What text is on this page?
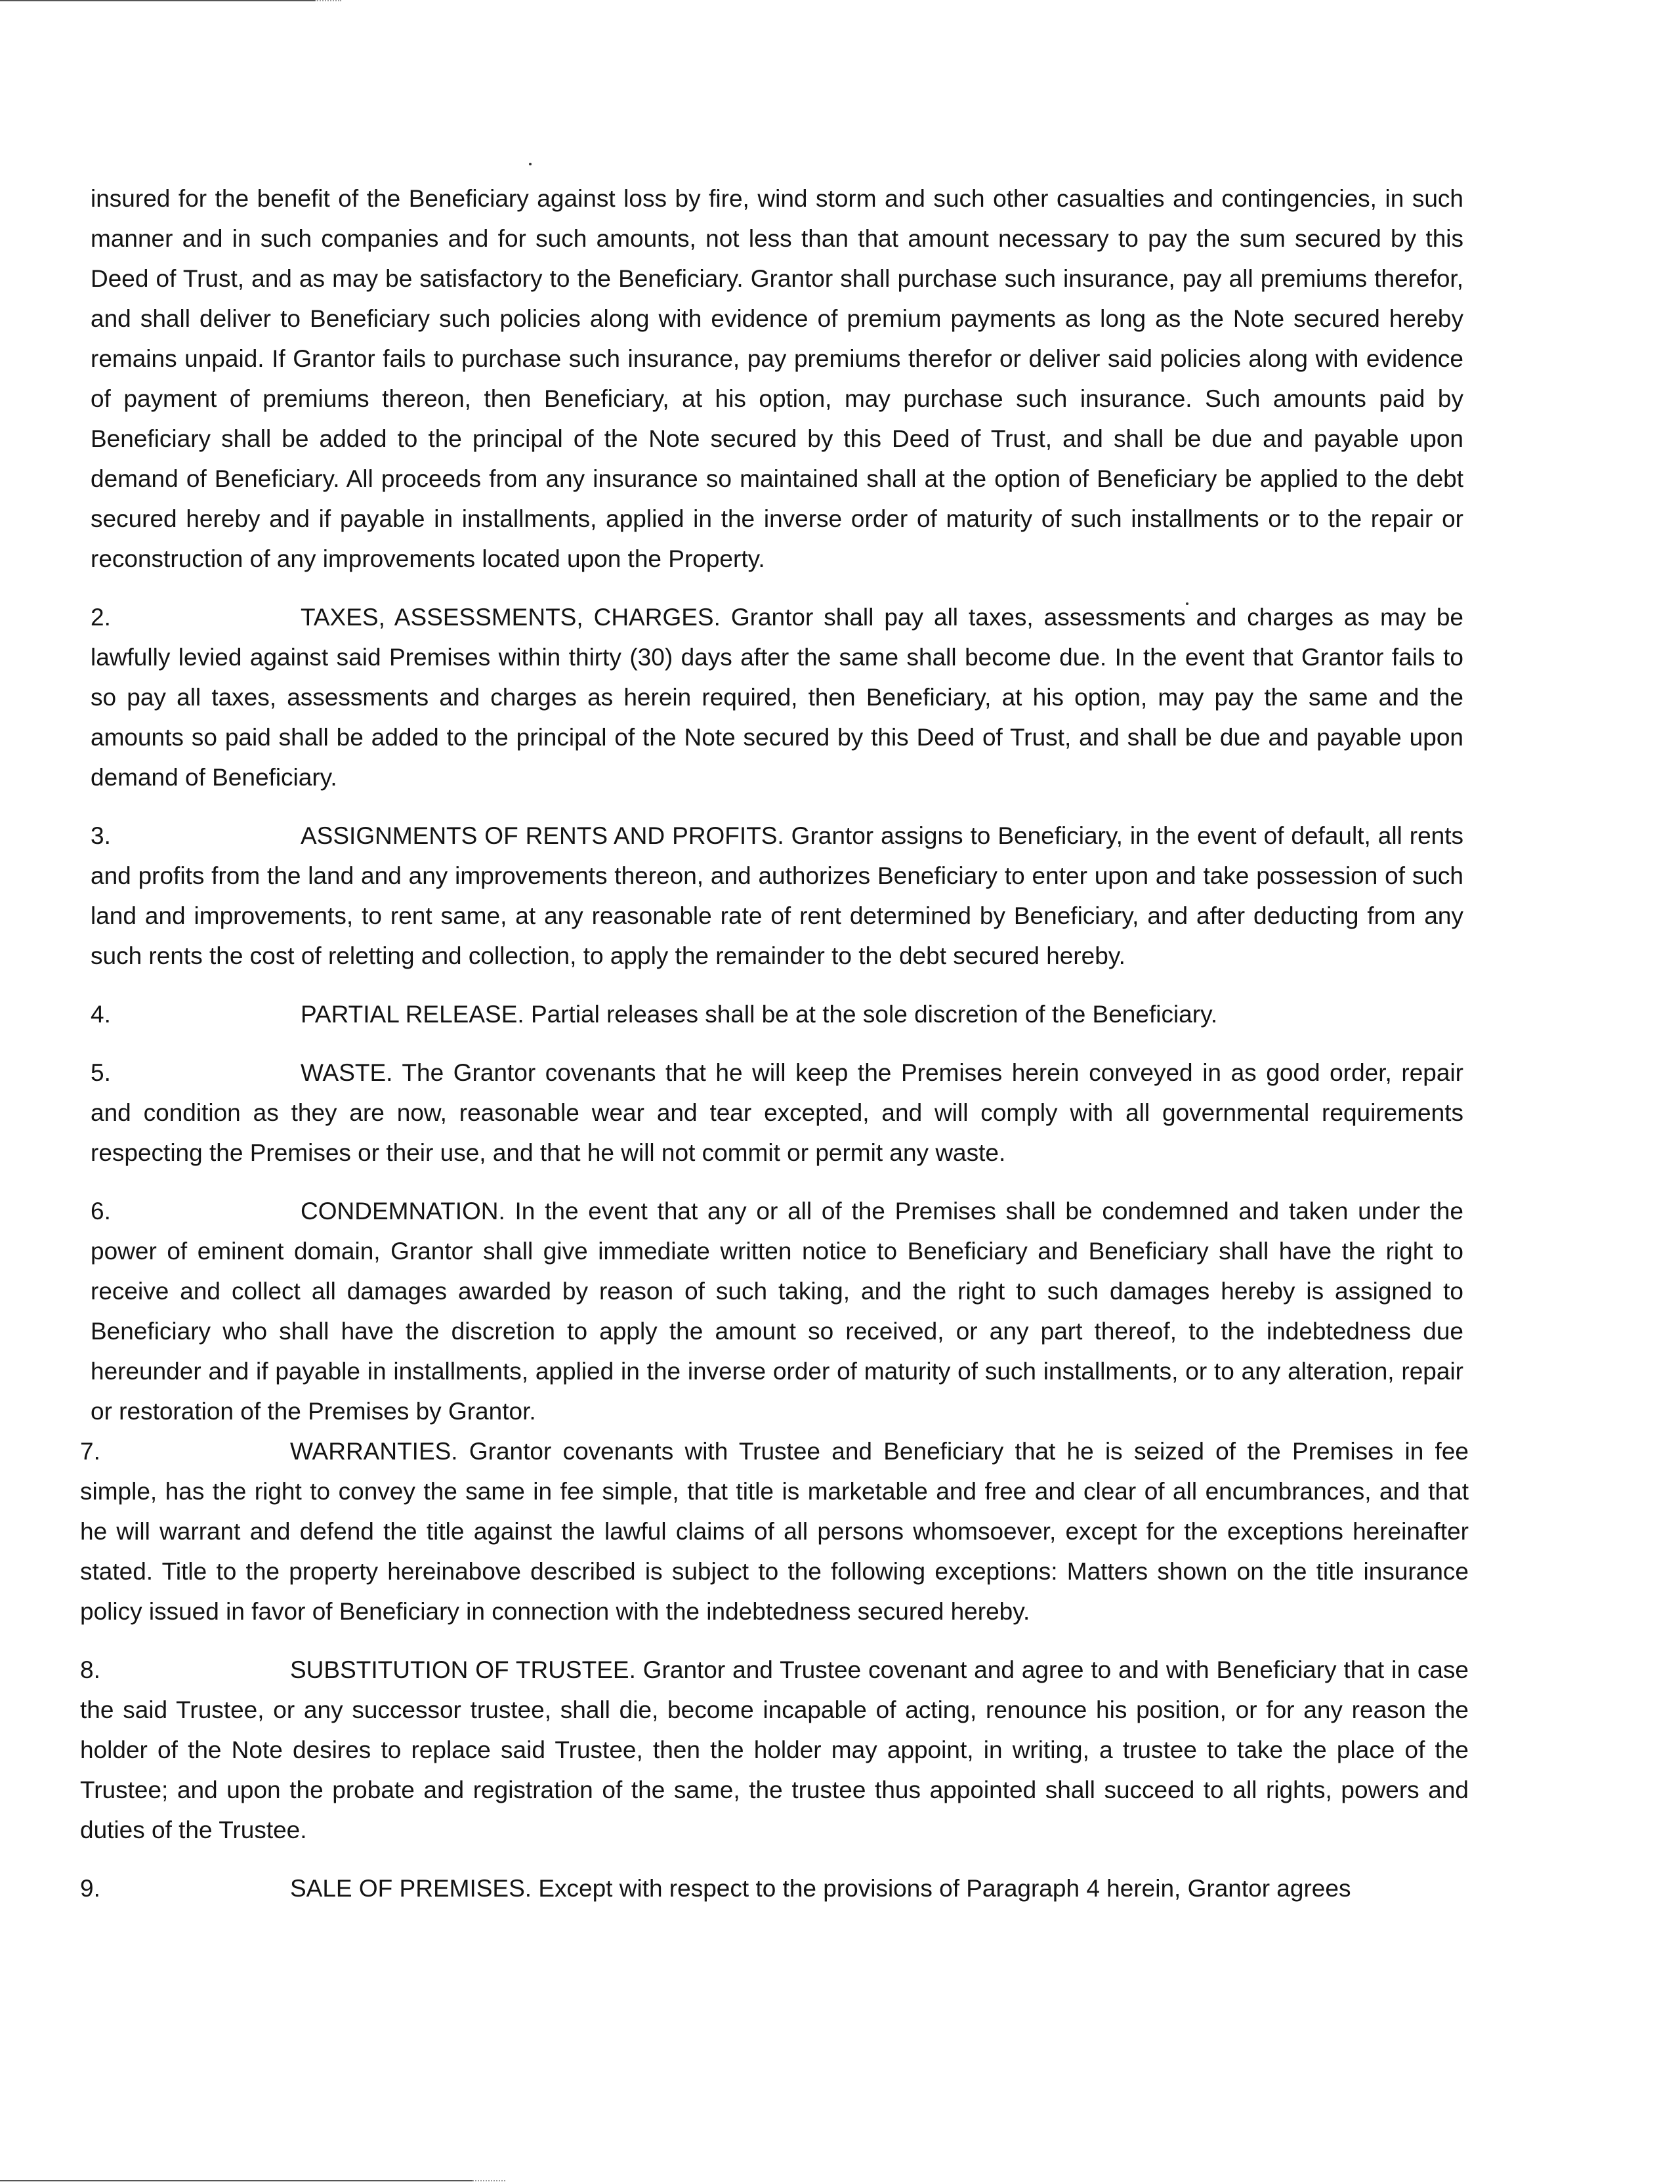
insured for the benefit of the Beneficiary against loss by fire, wind storm and such other casualties and contingencies, in such manner and in such companies and for such amounts, not less than that amount necessary to pay the sum secured by this Deed of Trust, and as may be satisfactory to the Beneficiary. Grantor shall purchase such insurance, pay all premiums therefor, and shall deliver to Beneficiary such policies along with evidence of premium payments as long as the Note secured hereby remains unpaid. If Grantor fails to purchase such insurance, pay premiums therefor or deliver said policies along with evidence of payment of premiums thereon, then Beneficiary, at his option, may purchase such insurance. Such amounts paid by Beneficiary shall be added to the principal of the Note secured by this Deed of Trust, and shall be due and payable upon demand of Beneficiary. All proceeds from any insurance so maintained shall at the option of Beneficiary be applied to the debt secured hereby and if payable in installments, applied in the inverse order of maturity of such installments or to the repair or reconstruction of any improvements located upon the Property.

2.	TAXES, ASSESSMENTS, CHARGES. Grantor shall pay all taxes, assessments and charges as may be lawfully levied against said Premises within thirty (30) days after the same shall become due. In the event that Grantor fails to so pay all taxes, assessments and charges as herein required, then Beneficiary, at his option, may pay the same and the amounts so paid shall be added to the principal of the Note secured by this Deed of Trust, and shall be due and payable upon demand of Beneficiary.

3.	ASSIGNMENTS OF RENTS AND PROFITS. Grantor assigns to Beneficiary, in the event of default, all rents and profits from the land and any improvements thereon, and authorizes Beneficiary to enter upon and take possession of such land and improvements, to rent same, at any reasonable rate of rent determined by Beneficiary, and after deducting from any such rents the cost of reletting and collection, to apply the remainder to the debt secured hereby.

4.	PARTIAL RELEASE. Partial releases shall be at the sole discretion of the Beneficiary.

5.	WASTE. The Grantor covenants that he will keep the Premises herein conveyed in as good order, repair and condition as they are now, reasonable wear and tear excepted, and will comply with all governmental requirements respecting the Premises or their use, and that he will not commit or permit any waste.

6.	CONDEMNATION. In the event that any or all of the Premises shall be condemned and taken under the power of eminent domain, Grantor shall give immediate written notice to Beneficiary and Beneficiary shall have the right to receive and collect all damages awarded by reason of such taking, and the right to such damages hereby is assigned to Beneficiary who shall have the discretion to apply the amount so received, or any part thereof, to the indebtedness due hereunder and if payable in installments, applied in the inverse order of maturity of such installments, or to any alteration, repair or restoration of the Premises by Grantor.

7.	WARRANTIES. Grantor covenants with Trustee and Beneficiary that he is seized of the Premises in fee simple, has the right to convey the same in fee simple, that title is marketable and free and clear of all encumbrances, and that he will warrant and defend the title against the lawful claims of all persons whomsoever, except for the exceptions hereinafter stated. Title to the property hereinabove described is subject to the following exceptions: Matters shown on the title insurance policy issued in favor of Beneficiary in connection with the indebtedness secured hereby.

8.	SUBSTITUTION OF TRUSTEE. Grantor and Trustee covenant and agree to and with Beneficiary that in case the said Trustee, or any successor trustee, shall die, become incapable of acting, renounce his position, or for any reason the holder of the Note desires to replace said Trustee, then the holder may appoint, in writing, a trustee to take the place of the Trustee; and upon the probate and registration of the same, the trustee thus appointed shall succeed to all rights, powers and duties of the Trustee.

9.	SALE OF PREMISES. Except with respect to the provisions of Paragraph 4 herein, Grantor agrees
